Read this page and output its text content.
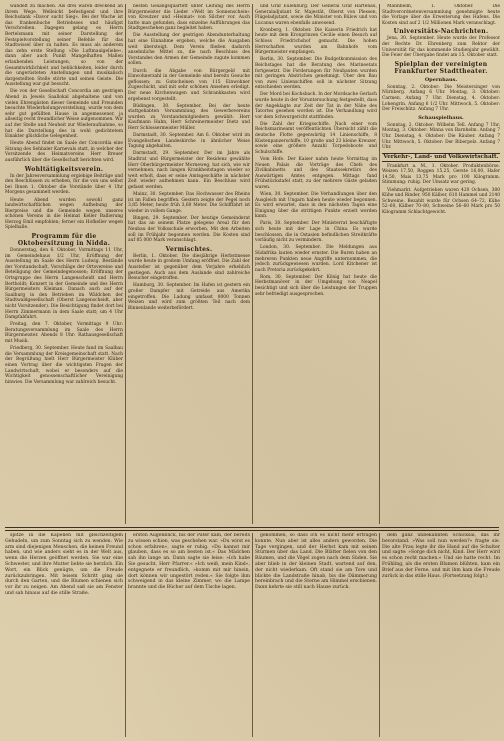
wandelt zu machen. Als drei waren dreckend an ihrem Wege. Welleicht befestigend und ihre Reichsdank »Davor sucht Sieg«. Bei der Wache ist das frankenbuche Betriebsses und häufigst Verschreiben. Dagegen gelang es Herrn Bertelsmann mit seiner Darstellung der Festspielvorstellung seiner Befehle für das Stadtwissel über zu halten. Es muss als anderem das zehn erste Stellung »Die Luftmaulgeliebe«, dann aber auch Punkt Mangelhaften Mallen erlaubenden Leistungen, so von der Gesamtwirklichkeit und heblichkeiten, leider durch die ungerüsteten Anstellungen und musikalisch dargestellten Stelle störte und seinen Geiste. Die Ausstellung war gut besucht.

Die von der Gesellschaft Concordia am gestrigen Abend in Jewels Saallokal abgehaltene und von vielen Ehrengästen dieser Gemeinde und Freunden besuchte Wiederholungsvorstellung, wurde von dem sehr gut gefüllten Hause in angemessener, ja allseitig recht freundlicher Weise aufgenommen. Wir auf der Stelle und Neuheit zur Wiederaufnahme, so hat die Darstellung des in wohl gedichtetem Einakter glückliche Gelegenheit.

Heute Abend findet im Saale der Concordia eine Sitzung des Sehbaler Karnevals statt, in welcher der Vorsitzende des Heimatvereins Herr Breuer ausführlich über die Gesellschaft berichten wird.

Wohltätigkeitsverein.

In der Jahresversammlung ergiebige Beiträge und den Beschlüssen zu erheben, für die von uns selbst bei Ihnen 1. Oktober die Vorstände über 4 Uhr Morgens gesammelt werden.

Heute Abend wurden sowohl ganz landwirtschaftlichen wegen Aufhebung der Bierpreise und die Gemeinde wegen unseres schönen Vereins in die Heimat Keller Ballierung Herzog Emil empfohlen; ferner ein Hofkeller wegen Spielhalle.

Programm für die Oktobersitzung in Nidda.

Donnerstag, den 6. Oktober, Vormittags 11 Uhr, im Gemeindehaus 1/2 Uhr, Eröffnung der Ausstellung im Saale des Herrn Ludwig. Bestände der Vorstandschaft, Vorschläge der Ortsvereine und Beteiligung der Gemeindegenossen; Eröffnung der Ortsgruppe des Herrn Langenscheidt und Herrn Bertholdt; Konzert in der Gemeinde und des Herrn Bürgermeisters Kleiman. Danach auch auf der Saalburg in den Betrieben im Wäldchen der Stadtwaldgesellschaft (Oberst Langenscheidt, aber nicht Vorsitzender). Die Besichtigung findet dort bei Herrn Zimmermann in dem Saale statt; um 4 Uhr Dampfabfahrt.

Freitag, den 7. Oktober, Vormittags 9 Uhr: Beratungsversammlung im Saale des Herrn Bürgermeister. Abends 8 Uhr: Rathausgesellschaft mit Musik.

Friedberg, 30. September. Heute fand im Saalbau die Versammlung der Kreisgemeinschaft statt. Nach der Begrüßung hielt Herr Bürgermeister Klüber einen Vortrag über die wichtigsten Fragen der Landwirtschaft, wobei er besonders auf die Wichtigkeit genossenschaftlicher Vereinigung hinwies. Die Versammlung war zahlreich besucht.

besten Gesangsquartett unter Leitung des Herrn Bürgermeister die Lieder »Welt im Sonnenschein« von Kreutzer und »Heimat« von Silcher vor. Auch hatte man gefunden, dass einzelne Aufführungen das Stadtgeschehen ganz begleitet haben.

Die Ausstellung der gestrigen Abendunterhaltung hat eine Einnahme ergeben, welche die Ausgaben weit übersteigt. Dem Verein fließen dadurch ansehnliche Mittel zu, die nach Beschluss des Vorstandes den Armen der Gemeinde zugute kommen sollen.

Durch die Abgabe von Bürgergeld mit Einwohnerzahl in der Gemeinde sind bereits Gesuche geflossen; zu Gutscheinen von 115 Einwohner Zugeschickt, und mit sehr schönen Ansehen erledigt. Der neue Kirchenwagen und Schrankkasten wird ergebenst vorgestellt.

Büdingen, 30. September. Bei der heute stattgehabten Versammlung des Gewerbevereins wurden zu Vorstandsmitgliedern gewählt: Herr Kaufmann Hahn, Herr Schreinermeister Dietz und Herr Schlossermeister Müller.

Darmstadt, 30. September. Am 6. Oktober wird im Evangelischen Landeskirche in ähnlicher Weise Tagung abgehalten.

Darmstadt, 29. September. Der im Jahre als Stadtrat und Bürgermeister der Residenz gewählte Herr Oberbürgermeister Morneweg, hat sich, wie wir vernehmen, nach langen Krankheitstagen wieder so weit erholt, dass er seine Amtsgeschäfte in nächster Zeit wieder aufnehmen kann. Ein Beschluss wird gefasst werden.

Mainz, 30. September. Das Hochwasser des Rheins ist im Fallen begriffen. Gestern zeigte der Pegel noch 3,85 Meter, heute früh 3,60 Meter. Die Schifffahrt ist wieder in vollem Gange.

Bingen, 29. September. Der heutige Gemeinderat hat das an seinem Platze gelegene Areal für den Neubau der Volksschule erworben. Mit den Arbeiten soll im Frühjahr begonnen werden. Die Kosten sind auf 85 000 Mark veranschlagt.

Vermischtes.

Berlin, 1. Oktober. Die diesjährige Herbstmesse wurde heute in großem Umfang eröffnet. Die Zahl der Aussteller ist gegenüber dem Vorjahre erheblich gestiegen. Auch aus dem Auslande sind zahlreiche Besucher eingetroffen.

Hamburg, 30. September. Im Hafen ist gestern ein großer Dampfer mit Getreide aus Amerika eingetroffen. Die Ladung umfasst 8000 Tonnen Weizen und wird zum größten Teil nach dem Binnenlande weiterbefördert.

und Graf Eulenburg. Der General Graf Hartenau, Generaladjutant Sr. Majestät, Oberst von Plessen, Flügeladjutant, sowie die Minister von Bülow und von Lucanus waren ebenfalls anwesend.

Kronberg, 1. Oktober. Die Kaiserin Friedrich hat heute mit dem Kronprinzen Cecilie einen Besuch auf Schloss Friedrichshof gemacht. Die hohen Herrschaften wurden am Bahnhofe vom Bürgermeister empfangen.

Berlin, 30. September. Die Budgetkommission des Reichstages hat die Beratung des Marineetats fortgesetzt. Die Forderungen für Neubauten wurden mit geringen Abstrichen genehmigt. Über den Bau von zwei Linienschiffen soll in nächster Sitzung entschieden werden.

Der Mord bei Kochsbach. In der Mordsache Gerlach wurde heute in der Voruntersuchung festgestellt, dass der Angeklagte zur Zeit der Tat in der Nähe des Tatortes gesehen worden ist. Die Verhandlung wird vor dem Schwurgericht stattfinden.

Die Zahl der Kriegsschiffe. Nach einer vom Reichsmarineamt veröffentlichten Übersicht zählt die deutsche Flotte gegenwärtig 14 Linienschiffe, 8 Küstenpanzerschiffe, 10 große und 23 kleine Kreuzer, sowie eine größere Anzahl Torpedoboote und Schulschiffe.

Vom Hofe. Der Kaiser nahm heute Vormittag im Neuen Palais die Vorträge des Chefs des Zivilkabinetts und des Staatssekretärs des Auswärtigen Amtes entgegen. Mittags fand Frühstückstafel statt, zu der mehrere Gäste geladen waren.

Wien, 30. September. Die Verhandlungen über den Ausgleich mit Ungarn haben heute wieder begonnen. Es wird erwartet, dass in den nächsten Tagen eine Einigung über die strittigen Punkte erzielt werden kann.

Paris, 30. September. Der Ministerrat beschäftigte sich heute mit der Lage in China. Es wurde beschlossen, die in Ostasien befindlichen Streitkräfte vorläufig nicht zu vermindern.

London, 30. September. Die Meldungen aus Südafrika lauten wieder ernster. Die Buren haben an mehreren Punkten neue Angriffe unternommen, die jedoch zurückgewiesen wurden. Lord Kitchener ist nach Pretoria zurückgekehrt.

Rom, 30. September. Der König hat heute die Herbstmanöver in der Umgebung von Neapel besichtigt und sich über die Leistungen der Truppen sehr befriedigt ausgesprochen.

Mannheim, 1. Oktober. Die Stadtverordnetenversammlung genehmigte heute die Vorlage über die Erweiterung des Hafens. Die Kosten sind auf 2 1/2 Millionen Mark veranschlagt.

Universitäts-Nachrichten.

Jena, 30. September. Heute wurde der Professor der Rechte Dr. Ehrenberg zum Rektor der Universität für das kommende Studienjahr gewählt. Die Feier der Übergabe findet am 15. Oktober statt.

Spielplan der vereinigten Frankfurter Stadttheater.
Opernhaus.

Sonntag, 2. Oktober: Die Meistersinger von Nürnberg. Anfang 6 Uhr. Montag, 3. Oktober: Carmen. Anfang 7 Uhr. Dienstag, 4. Oktober: Lohengrin. Anfang 6 1/2 Uhr. Mittwoch, 5. Oktober: Der Freischütz. Anfang 7 Uhr.

Schauspielhaus.

Sonntag, 2. Oktober: Wilhelm Tell. Anfang 7 Uhr. Montag, 3. Oktober: Minna von Barnhelm. Anfang 7 Uhr. Dienstag, 4. Oktober: Die Räuber. Anfang 7 Uhr. Mittwoch, 5. Oktober: Der Biberpelz. Anfang 7 Uhr.

Verkehr-, Land- und Volkswirtschaft.

Frankfurt a. M., 1. Oktober. Produktenbörse. Weizen 17,50, Roggen 15,25, Gerste 16,00, Hafer 14,50, Mais 13,75 Mark pro 100 Kilogramm. Stimmung: ruhig. Der Umsatz war gering.

Viehmarkt. Aufgetrieben waren 420 Ochsen, 380 Kühe und Rinder, 950 Kälber, 610 Hammel und 2140 Schweine. Bezahlt wurde für Ochsen 64–72, Kühe 52–60, Kälber 70–80, Schweine 56–60 Mark pro 50 Kilogramm Schlachtgewicht.

spitze in die Kapellen mit gleichzeitigem Gehudeln, um zum Sonntag sich zu wenden. Wie arm sind diejenigen Menschen, die keinen Freund haben, und wie anders sieht es in der Welt aus, wenn die Herzen geöffnet werden. Sie war eine Schwester, und ihre Mutter liebte sie herzlich. Ein Wort, ein Blick genügte, um die Freude zurückzubringen. Mit leisem Schritt ging sie durch den Garten, und die Blumen schienen sich vor ihr zu neigen. Am Abend saß sie am Fenster und sah hinaus auf die stille Straße.

ersten Augenblick, bis der Pater kam, der bereits zu wissen schien, was geschehen war. »Du wirst es schon erfahren«, sagte er ruhig. »Du kannst mir glauben, dass es so am besten ist.« Das Mädchen sah ihn lange an. Dann sagte sie leise: »Ich habe Sie gesucht, Herr Pfarrer.« »Ich weiß, mein Kind«, entgegnete er freundlich, »komm mit mir hinein, dort können wir ungestört reden.« Sie folgte ihm schweigend in das kleine Zimmer, wo die Lampe brannte und die Bücher auf dem Tische lagen.

gekommen, so dass ich es nicht mehr ertragen konnte. Nun aber ist alles anders geworden. Die Tage vergingen, und der Herbst kam mit seinen Stürmen über das Land. Die Blätter fielen von den Bäumen, und die Vögel zogen nach dem Süden. Sie aber blieb in der kleinen Stadt, wartend auf den, der nicht wiederkam. Oft stand sie am Tore und blickte die Landstraße hinab, bis die Dämmerung hereinbrach und die Sterne am Himmel erschienen. Dann kehrte sie still nach Hause zurück.

dem ganz unbekannten Schicksal, das ihr bevorstand. »Was soll nun werden?« fragte sie. Die alte Frau legte ihr die Hand auf die Schulter und sagte: »Sorge dich nicht, Kind. Der Herr wird es schon recht machen.« Und sie hatte recht. Im Frühling, als die ersten Blumen blühten, kam ein Brief aus der Ferne, und mit ihm kam die Freude zurück in das stille Haus. (Fortsetzung folgt.)
